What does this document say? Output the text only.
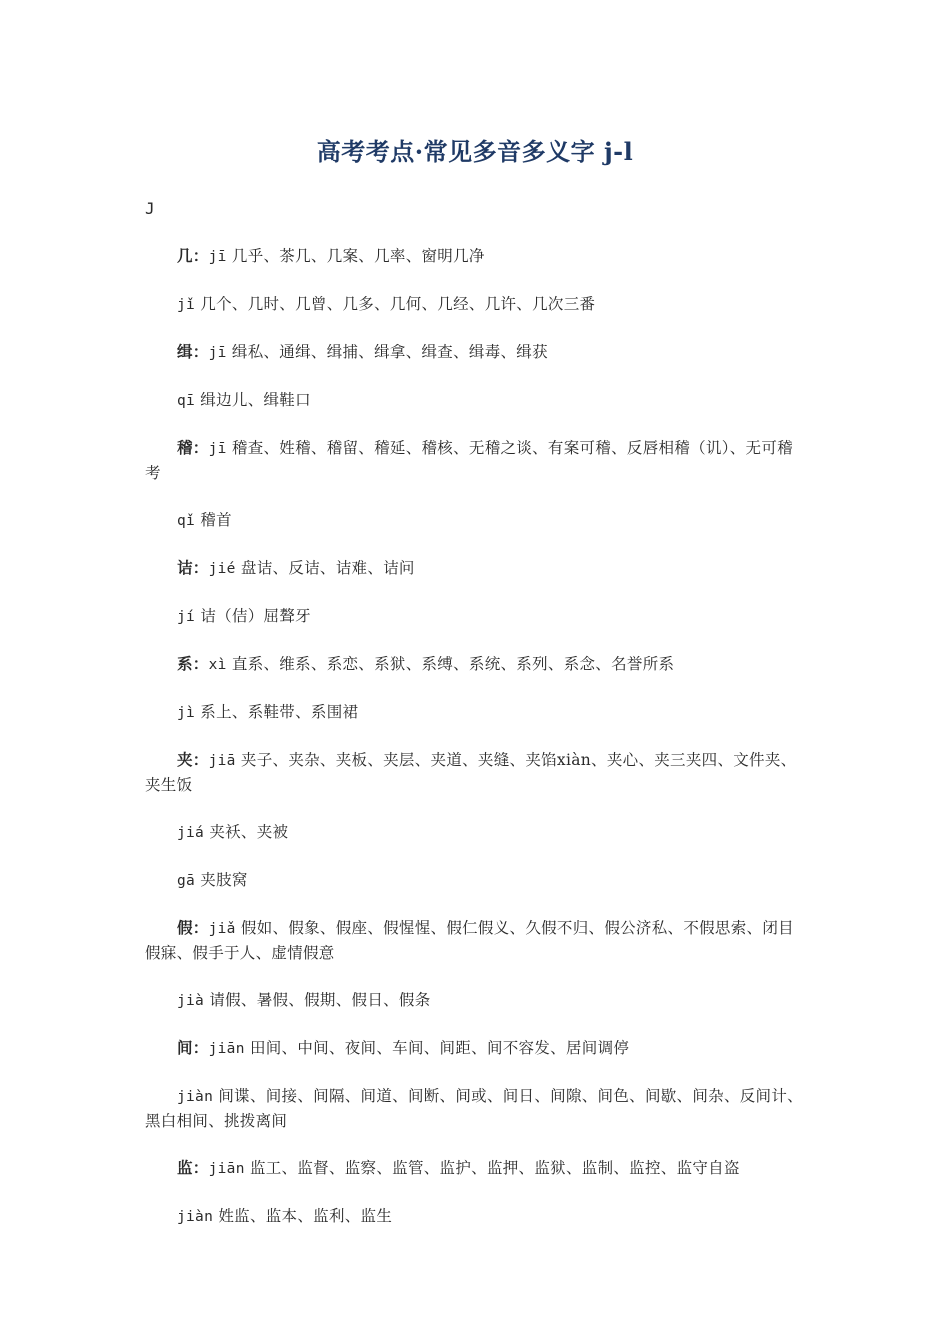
高考考点·常见多音多义字 j-l
J

几：jī 几乎、茶几、几案、几率、窗明几净

jǐ 几个、几时、几曾、几多、几何、几经、几许、几次三番

缉：jī 缉私、通缉、缉捕、缉拿、缉查、缉毒、缉获

qī 缉边儿、缉鞋口

稽：jī 稽查、姓稽、稽留、稽延、稽核、无稽之谈、有案可稽、反唇相稽（讥）、无可稽考

qǐ 稽首

诘：jié 盘诘、反诘、诘难、诘问

jí 诘（佶）屈聱牙

系：xì 直系、维系、系恋、系狱、系缚、系统、系列、系念、名誉所系

jì 系上、系鞋带、系围裙

夹：jiā 夹子、夹杂、夹板、夹层、夹道、夹缝、夹馅xiàn、夹心、夹三夹四、文件夹、夹生饭

jiá 夹袄、夹被

gā 夹肢窝

假：jiǎ 假如、假象、假座、假惺惺、假仁假义、久假不归、假公济私、不假思索、闭目假寐、假手于人、虚情假意

jià 请假、暑假、假期、假日、假条

间：jiān 田间、中间、夜间、车间、间距、间不容发、居间调停

jiàn 间谍、间接、间隔、间道、间断、间或、间日、间隙、间色、间歇、间杂、反间计、黑白相间、挑拨离间

监：jiān 监工、监督、监察、监管、监护、监押、监狱、监制、监控、监守自盗

jiàn 姓监、监本、监利、监生
